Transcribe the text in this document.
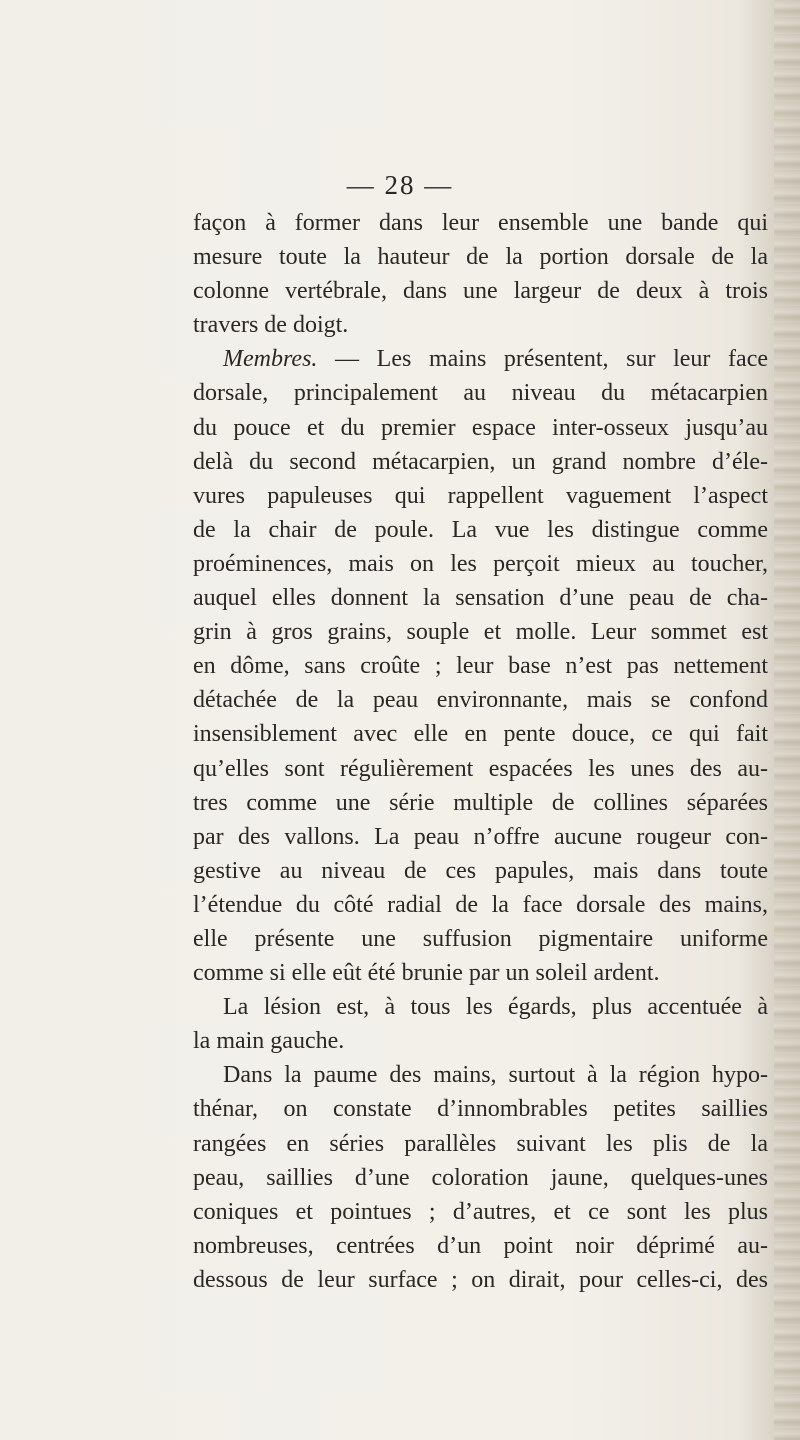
— 28 —
façon à former dans leur ensemble une bande qui
mesure toute la hauteur de la portion dorsale de la
colonne vertébrale, dans une largeur de deux à trois
travers de doigt.
Membres. — Les mains présentent, sur leur face
dorsale, principalement au niveau du métacarpien
du pouce et du premier espace inter-osseux jusqu’au
delà du second métacarpien, un grand nombre d’éle-
vures papuleuses qui rappellent vaguement l’aspect
de la chair de poule. La vue les distingue comme
proéminences, mais on les perçoit mieux au toucher,
auquel elles donnent la sensation d’une peau de cha-
grin à gros grains, souple et molle. Leur sommet est
en dôme, sans croûte ; leur base n’est pas nettement
détachée de la peau environnante, mais se confond
insensiblement avec elle en pente douce, ce qui fait
qu’elles sont régulièrement espacées les unes des au-
tres comme une série multiple de collines séparées
par des vallons. La peau n’offre aucune rougeur con-
gestive au niveau de ces papules, mais dans toute
l’étendue du côté radial de la face dorsale des mains,
elle présente une suffusion pigmentaire uniforme
comme si elle eût été brunie par un soleil ardent.
La lésion est, à tous les égards, plus accentuée à
la main gauche.
Dans la paume des mains, surtout à la région hypo-
thénar, on constate d’innombrables petites saillies
rangées en séries parallèles suivant les plis de la
peau, saillies d’une coloration jaune, quelques-unes
coniques et pointues ; d’autres, et ce sont les plus
nombreuses, centrées d’un point noir déprimé au-
dessous de leur surface ; on dirait, pour celles-ci, des
